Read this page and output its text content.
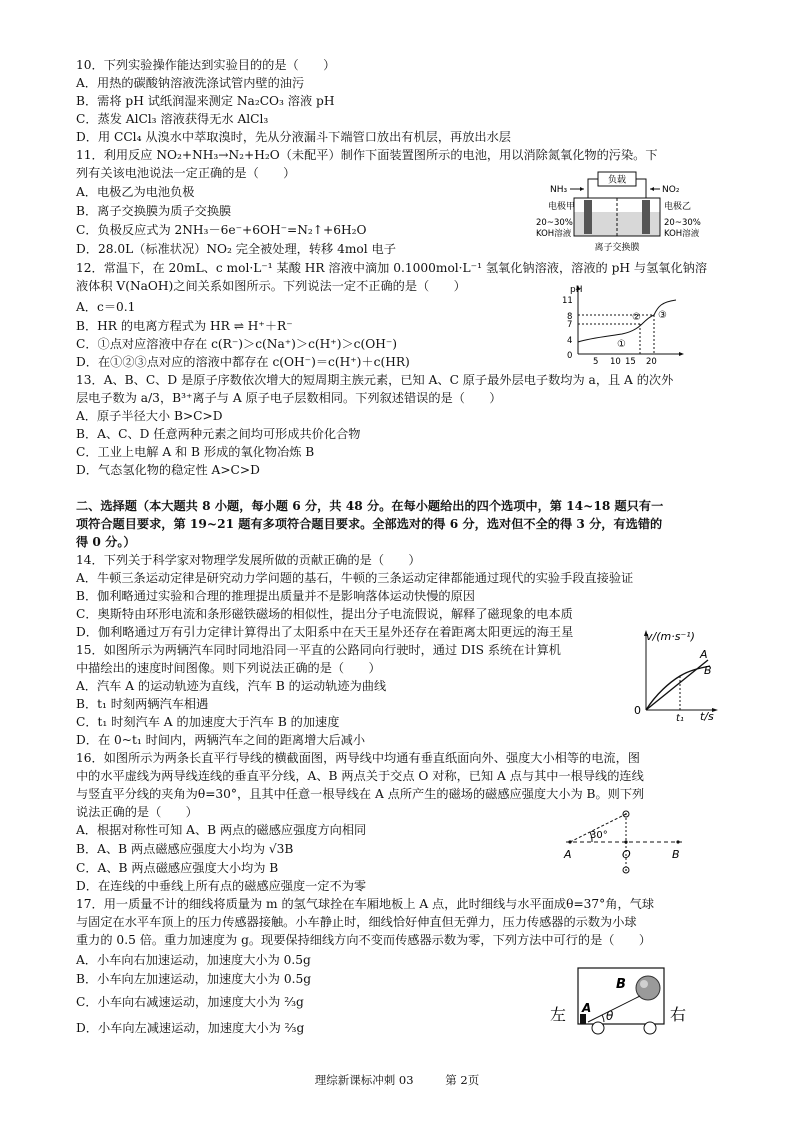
10．下列实验操作能达到实验目的的是（　　）
A．用热的碳酸钠溶液洗涤试管内壁的油污
B．需将 pH 试纸润湿来测定 Na₂CO₃ 溶液 pH
C．蒸发 AlCl₃ 溶液获得无水 AlCl₃
D．用 CCl₄ 从溴水中萃取溴时，先从分液漏斗下端管口放出有机层，再放出水层
11．利用反应 NO₂+NH₃→N₂+H₂O（未配平）制作下面装置图所示的电池，用以消除氮氧化物的污染。下
列有关该电池说法一定正确的是（　　）
A．电极乙为电池负极
B．离子交换膜为质子交换膜
C．负极反应式为 2NH₃－6e⁻+6OH⁻=N₂↑+6H₂O
D．28.0L（标准状况）NO₂ 完全被处理，转移 4mol 电子
负载
NH₃	NO₂
电极甲	电极乙
20~30%
KOH溶液
20~30%
KOH溶液
离子交换膜
12．常温下，在 20mL、c mol·L⁻¹ 某酸 HR 溶液中滴加 0.1000mol·L⁻¹ 氢氧化钠溶液，溶液的 pH 与氢氧化钠溶
液体积 V(NaOH)之间关系如图所示。下列说法一定不正确的是（　　）
A．c＝0.1
B．HR 的电离方程式为 HR ⇌ H⁺＋R⁻
C．①点对应溶液中存在 c(R⁻)＞c(Na⁺)＞c(H⁺)＞c(OH⁻)
D．在①②③点对应的溶液中都存在 c(OH⁻)＝c(H⁺)＋c(HR)
pH
11
8
7
4
0
5 10 15 20
①
② ③
13．A、B、C、D 是原子序数依次增大的短周期主族元素，已知 A、C 原子最外层电子数均为 a，且 A 的次外
层电子数为 a/3，B³⁺离子与 A 原子电子层数相同。下列叙述错误的是（　　）
A．原子半径大小 B>C>D
B．A、C、D 任意两种元素之间均可形成共价化合物
C．工业上电解 A 和 B 形成的氧化物冶炼 B
D．气态氢化物的稳定性 A>C>D
二、选择题（本大题共 8 小题，每小题 6 分，共 48 分。在每小题给出的四个选项中，第 14~18 题只有一
项符合题目要求，第 19~21 题有多项符合题目要求。全部选对的得 6 分，选对但不全的得 3 分，有选错的
得 0 分。）
14．下列关于科学家对物理学发展所做的贡献正确的是（　　）
A．牛顿三条运动定律是研究动力学问题的基石，牛顿的三条运动定律都能通过现代的实验手段直接验证
B．伽利略通过实验和合理的推理提出质量并不是影响落体运动快慢的原因
C．奥斯特由环形电流和条形磁铁磁场的相似性，提出分子电流假说，解释了磁现象的电本质
D．伽利略通过万有引力定律计算得出了太阳系中在天王星外还存在着距离太阳更远的海王星
15．如图所示为两辆汽车同时同地沿同一平直的公路同向行驶时，通过 DIS 系统在计算机
中描绘出的速度时间图像。则下列说法正确的是（　　）
A．汽车 A 的运动轨迹为直线，汽车 B 的运动轨迹为曲线
B．t₁ 时刻两辆汽车相遇
C．t₁ 时刻汽车 A 的加速度大于汽车 B 的加速度
D．在 0~t₁ 时间内，两辆汽车之间的距离增大后减小
v/(m·s⁻¹)
0	t/s
t₁
A
B
16．如图所示为两条长直平行导线的横截面图，两导线中均通有垂直纸面向外、强度大小相等的电流，图
中的水平虚线为两导线连线的垂直平分线，A、B 两点关于交点 O 对称，已知 A 点与其中一根导线的连线
与竖直平分线的夹角为θ=30°，且其中任意一根导线在 A 点所产生的磁场的磁感应强度大小为 B。则下列
说法正确的是（　　）
A．根据对称性可知 A、B 两点的磁感应强度方向相同
B．A、B 两点磁感应强度大小均为 √3B
C．A、B 两点磁感应强度大小均为 B
D．在连线的中垂线上所有点的磁感应强度一定不为零
30°
A	O	B
17．用一质量不计的细线将质量为 m 的氢气球拴在车厢地板上 A 点，此时细线与水平面成θ=37°角，气球
与固定在水平车顶上的压力传感器接触。小车静止时，细线恰好伸直但无弹力，压力传感器的示数为小球
重力的 0.5 倍。重力加速度为 g。现要保持细线方向不变而传感器示数为零，下列方法中可行的是（　　）
A．小车向右加速运动，加速度大小为 0.5g
B．小车向左加速运动，加速度大小为 0.5g
C．小车向右减速运动，加速度大小为 ⅔g
D．小车向左减速运动，加速度大小为 ⅔g
左	右
A
B
θ
理综新课标冲刺 03	第 2页
